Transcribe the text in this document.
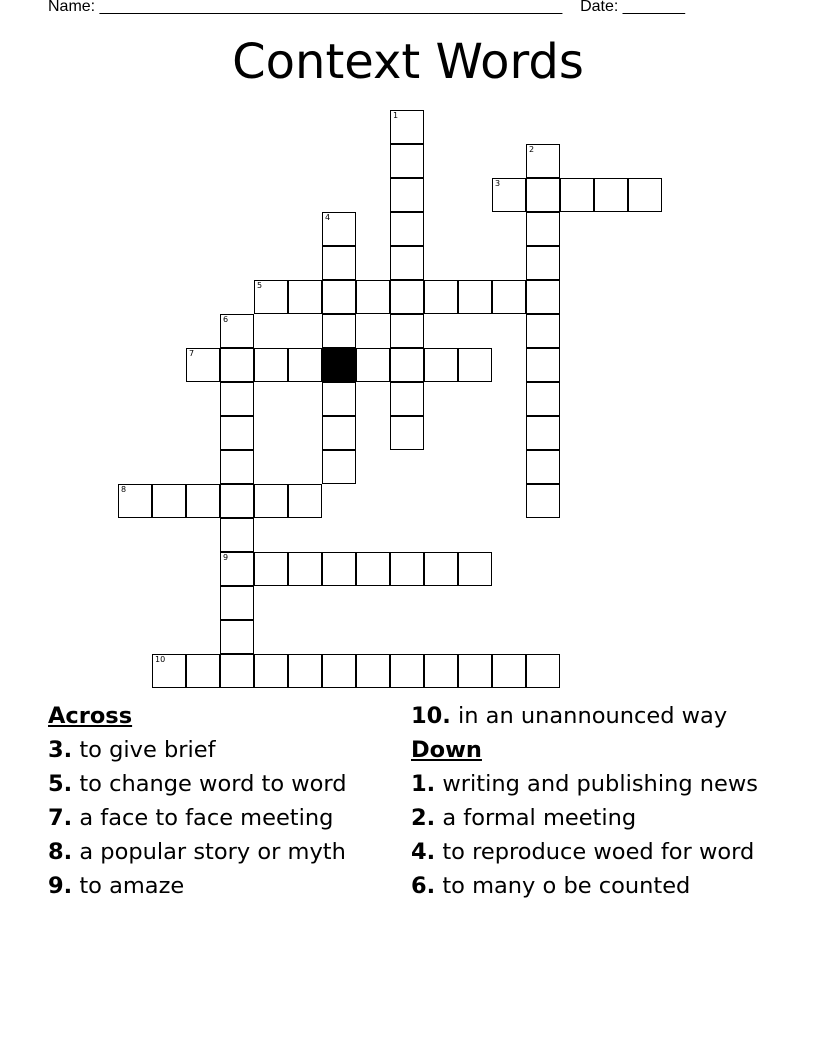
Name: ____________________________________________________ Date: _______
Context Words
1
2
3
4
5
6
9
7
8
10
Across
3. to give brief
5. to change word to word
7. a face to face meeting
8. a popular story or myth
9. to amaze
10. in an unannounced way
Down
1. writing and publishing news
2. a formal meeting
4. to reproduce woed for word
6. to many o be counted
